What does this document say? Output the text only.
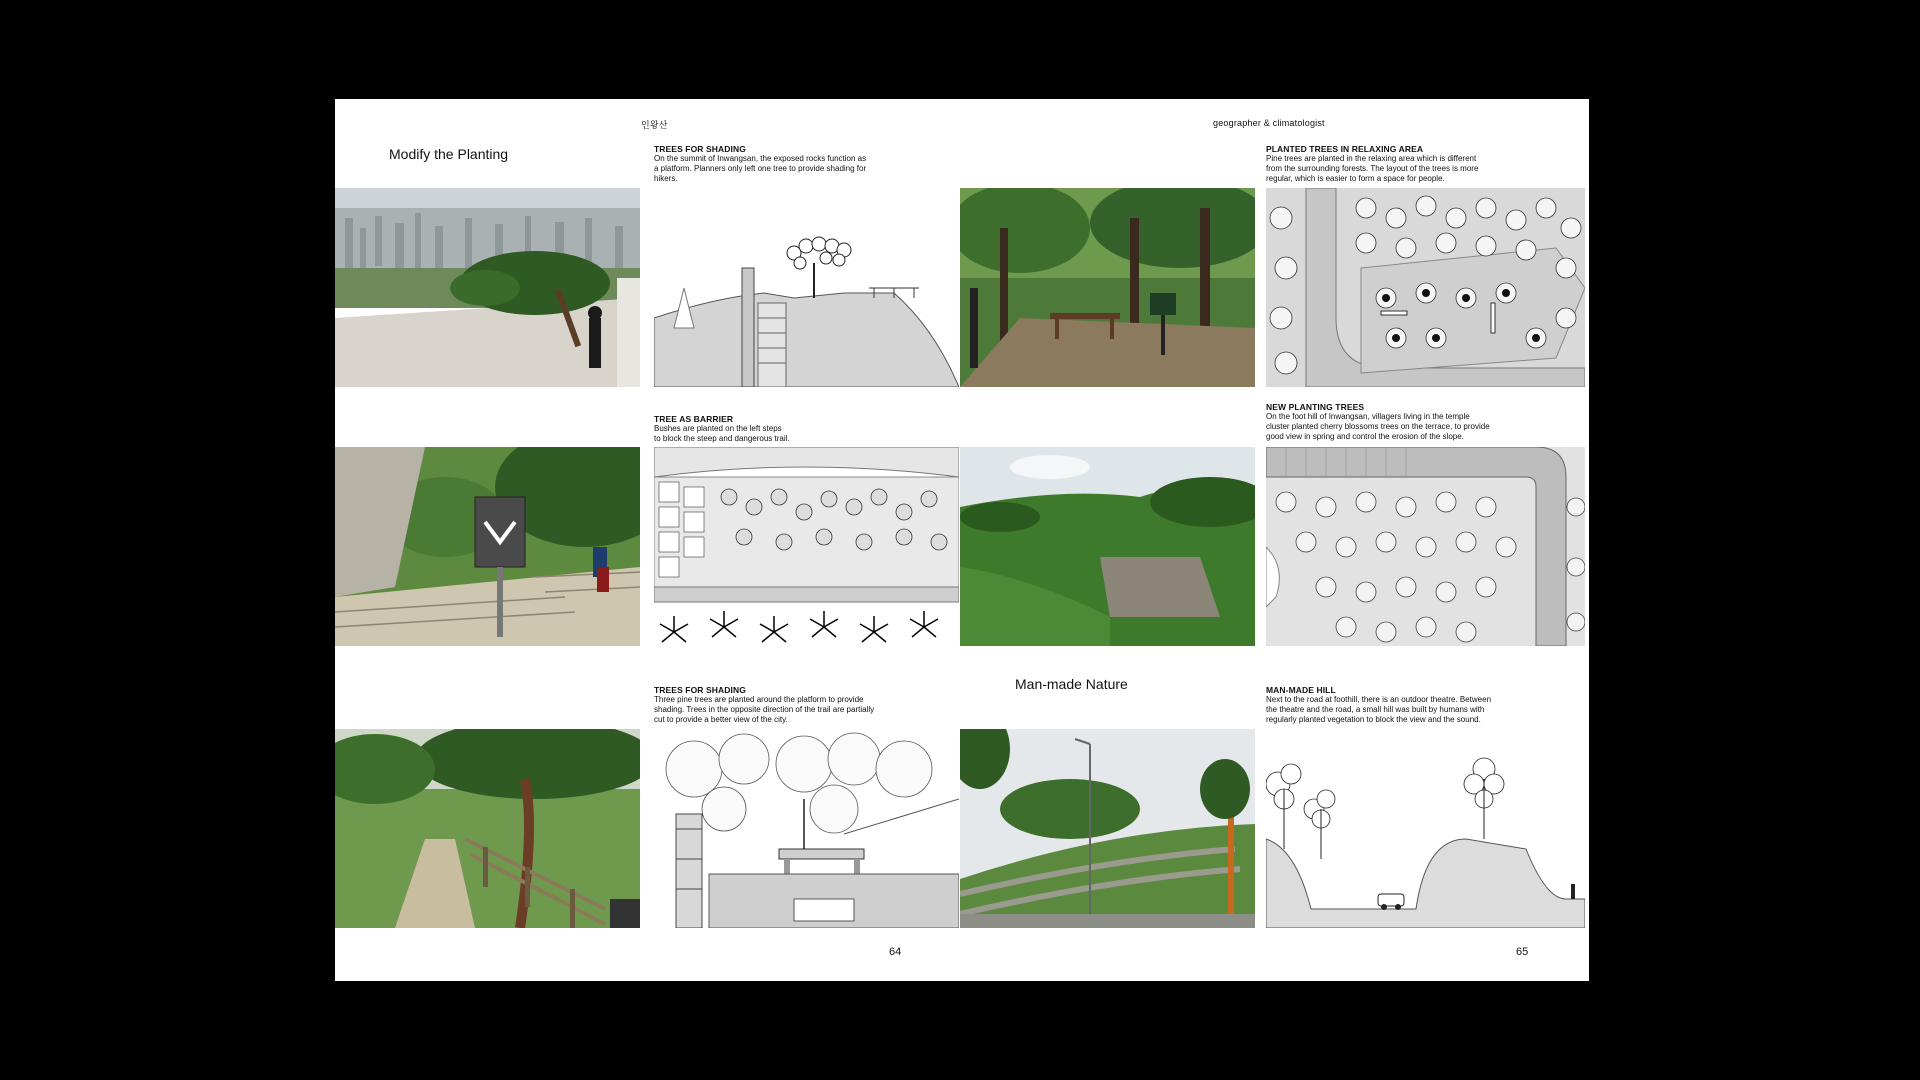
인왕산	geographer & climatologist
Modify the Planting	TREES FOR SHADING
On the summit of Inwangsan, the exposed rocks function as
a platform. Planners only left one tree to provide shading for
hikers.
PLANTED TREES IN RELAXING AREA
Pine trees are planted in the relaxing area which is different
from the surrounding forests. The layout of the trees is more
regular, which is easier to form a space for people.
TREE AS BARRIER
Bushes are planted on the left steps
to block the steep and dangerous trail.
NEW PLANTING TREES
On the foot hill of Inwangsan, villagers living in the temple
cluster planted cherry blossoms trees on the terrace, to provide
good view in spring and control the erosion of the slope.
Man-made Nature
TREES FOR SHADING
Three pine trees are planted around the platform to provide
shading. Trees in the opposite direction of the trail are partially
cut to provide a better view of the city.
MAN-MADE HILL
Next to the road at foothill, there is an outdoor theatre. Between
the theatre and the road, a small hill was built by humans with
regularly planted vegetation to block the view and the sound.
64	65
